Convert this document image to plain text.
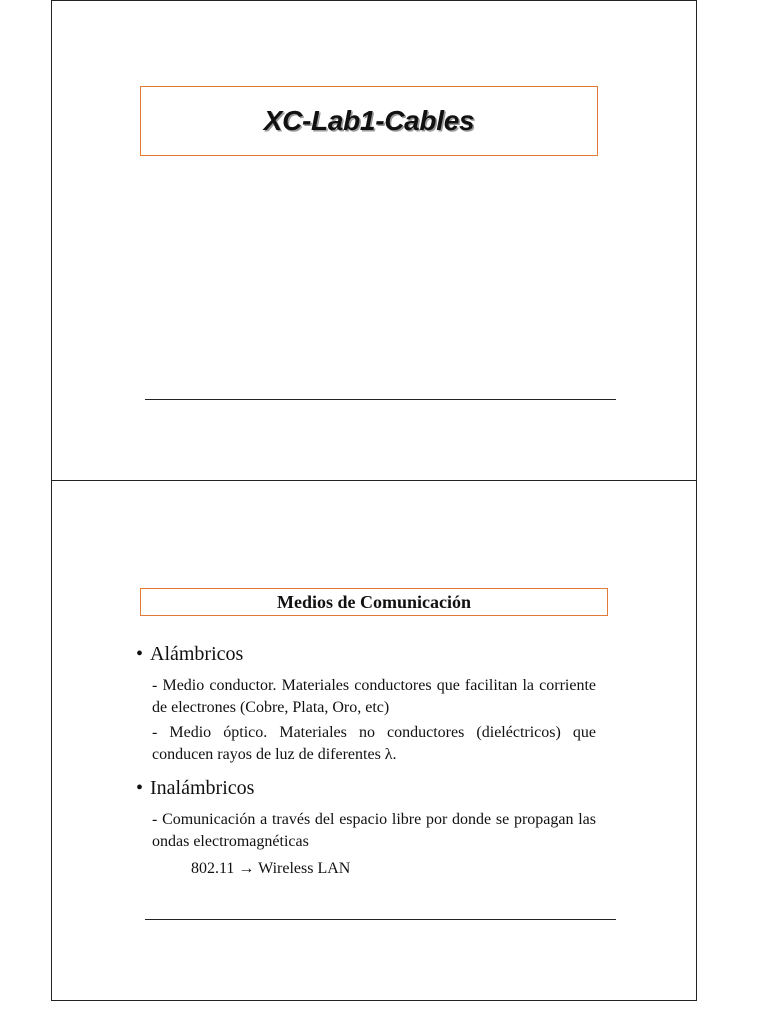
XC-Lab1-Cables
Medios de Comunicación
• Alámbricos
- Medio conductor. Materiales conductores que facilitan la corriente de electrones (Cobre, Plata, Oro, etc)
- Medio óptico. Materiales no conductores (dieléctricos) que conducen rayos de luz de diferentes λ.
• Inalámbricos
- Comunicación a través del espacio libre por donde se propagan las ondas electromagnéticas
802.11 → Wireless LAN
